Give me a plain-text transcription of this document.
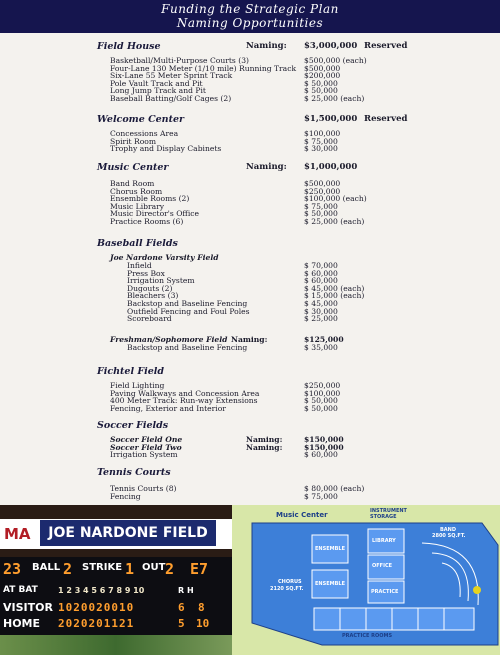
Funding the Strategic Plan
Naming Opportunities
Field House	Naming: $3,000,000 Reserved
Basketball/Multi-Purpose Courts (3)	$500,000 (each)
Four-Lane 130 Meter (1/10 mile) Running Track $500,000
Six-Lane 55 Meter Sprint Track	$200,000
Pole Vault Track and Pit	$ 50,000
Long Jump Track and Pit	$ 50,000
Baseball Batting/Golf Cages (2)	$ 25,000 (each)
Welcome Center	$1,500,000 Reserved
Concessions Area	$100,000
Spirit Room	$ 75,000
Trophy and Display Cabinets	$ 30,000
Music Center	Naming: $1,000,000
Band Room	$500,000
Chorus Room	$250,000
Ensemble Rooms (2)	$100,000 (each)
Music Library	$ 75,000
Music Director's Office	$ 50,000
Practice Rooms (6)	$ 25,000 (each)
Baseball Fields
Joe Nardone Varsity Field
Infield	$ 70,000
Press Box	$ 60,000
Irrigation System	$ 60,000
Dugouts (2)	$ 45,000 (each)
Bleachers (3)	$ 15,000 (each)
Backstop and Baseline Fencing	$ 45,000
Outfield Fencing and Foul Poles	$ 30,000
Scoreboard	$ 25,000
Freshman/Sophomore Field Naming:	$125,000
Backstop and Baseline Fencing	$ 35,000
Fichtel Field
Field Lighting	$250,000
Paving Walkways and Concession Area	$100,000
400 Meter Track: Run-way Extensions	$ 50,000
Fencing, Exterior and Interior	$ 50,000
Soccer Fields
Soccer Field One	Naming:	$150,000
Soccer Field Two	Naming:	$150,000
Irrigation System	$ 60,000
Tennis Courts
Tennis Courts (8)	$ 80,000 (each)
Fencing	$ 75,000
MA	JOE NARDONE FIELD
23 BALL 2 STRIKE 1 OUT 2 E7
AT BAT	1 2 3 4 5 6 7 8 9 10	R H
VISITOR 1020020010	6 8
HOME 2020201121	5 10
Music Center	INSTRUMENT STORAGE
ENSEMBLE
ENSEMBLE
LIBRARY
OFFICE
PRACTICE
CHORUS
2120 SQ.FT.
BAND
2800 SQ.FT.
PRACTICE ROOMS
